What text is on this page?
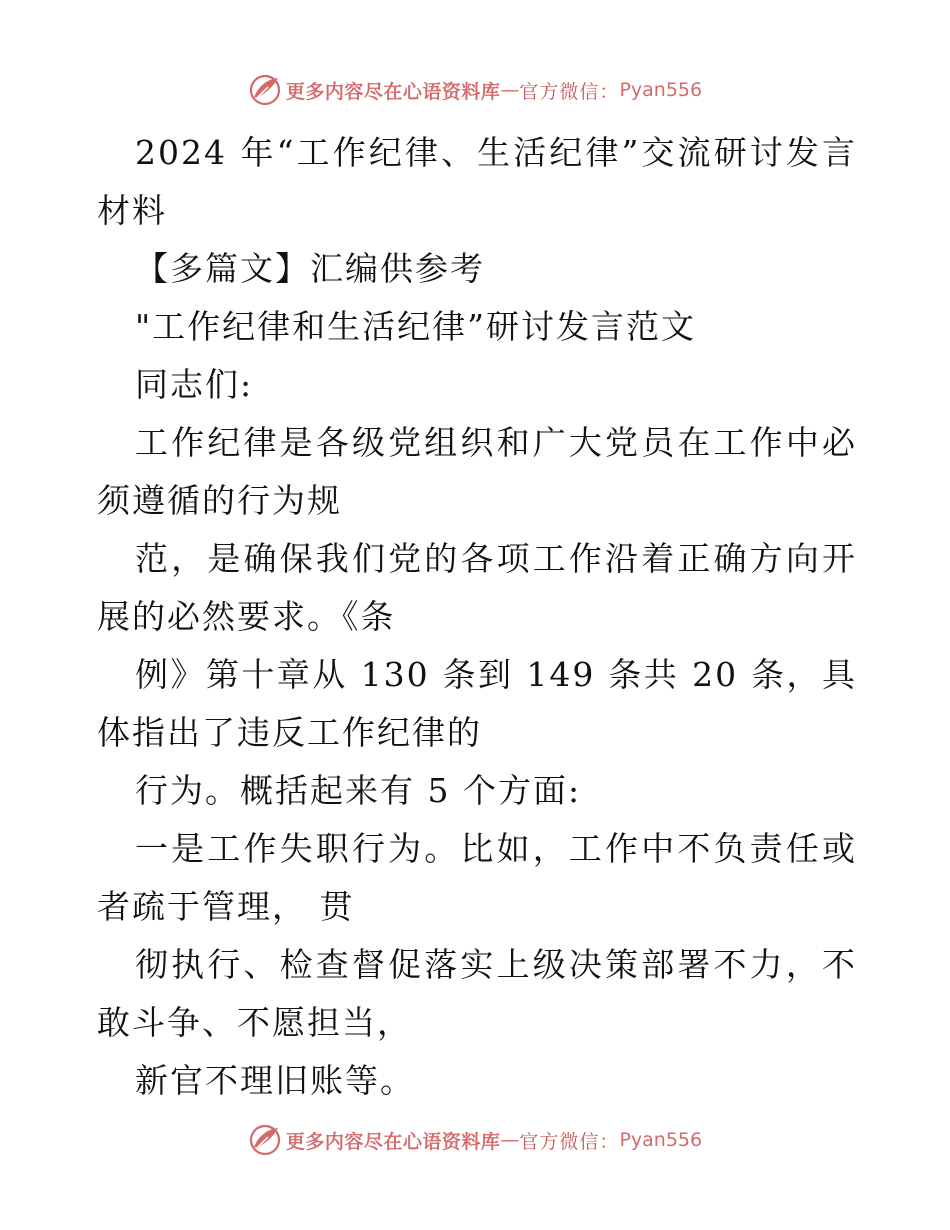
更多内容尽在心语资料库 — 官方微信： Pyan556

2024 年“工作纪律、生活纪律”交流研讨发言材料

【多篇文】汇编供参考

"工作纪律和生活纪律”研讨发言范文

同志们:

工作纪律是各级党组织和广大党员在工作中必须遵循的行为规

范，是确保我们党的各项工作沿着正确方向开展的必然要求。《条

例》第十章从 130 条到 149 条共 20 条，具体指出了违反工作纪律的

行为。概括起来有 5 个方面:

一是工作失职行为。比如，工作中不负责任或者疏于管理， 贯

彻执行、检查督促落实上级决策部署不力，不敢斗争、不愿担当，

新官不理旧账等。

更多内容尽在心语资料库 — 官方微信： Pyan556
